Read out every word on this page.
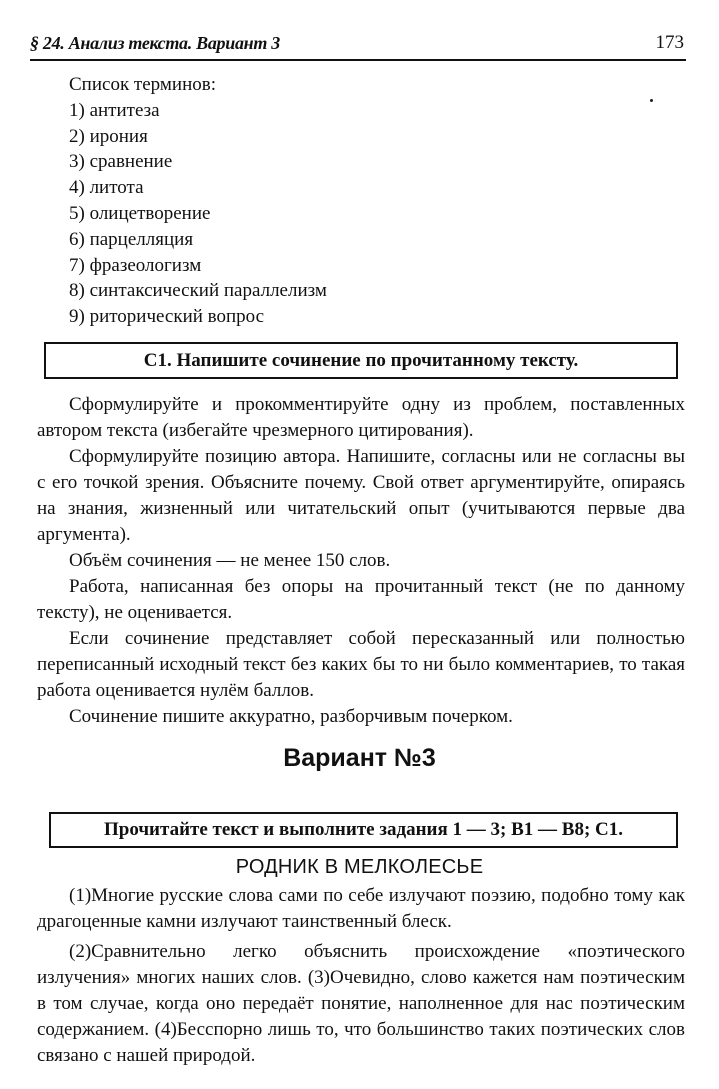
§ 24. Анализ текста. Вариант 3	173
Список терминов:
1) антитеза
2) ирония
3) сравнение
4) литота
5) олицетворение
6) парцелляция
7) фразеологизм
8) синтаксический параллелизм
9) риторический вопрос
С1. Напишите сочинение по прочитанному тексту.

Сформулируйте и прокомментируйте одну из проблем, поставленных автором текста (избегайте чрезмерного цитирования).

Сформулируйте позицию автора. Напишите, согласны или не согласны вы с его точкой зрения. Объясните почему. Свой ответ аргументируйте, опираясь на знания, жизненный или читательский опыт (учитываются первые два аргумента).

Объём сочинения — не менее 150 слов.

Работа, написанная без опоры на прочитанный текст (не по данному тексту), не оценивается.

Если сочинение представляет собой пересказанный или полностью переписанный исходный текст без каких бы то ни было комментариев, то такая работа оценивается нулём баллов.

Сочинение пишите аккуратно, разборчивым почерком.

Вариант №3
Прочитайте текст и выполните задания 1 — 3; В1 — В8; С1.
РОДНИК В МЕЛКОЛЕСЬЕ

(1)Многие русские слова сами по себе излучают поэзию, подобно тому как драгоценные камни излучают таинственный блеск.

(2)Сравнительно легко объяснить происхождение «поэтического излучения» многих наших слов. (3)Очевидно, слово кажется нам поэтическим в том случае, когда оно передаёт понятие, наполненное для нас поэтическим содержанием. (4)Бесспорно лишь то, что большинство таких поэтических слов связано с нашей природой.
